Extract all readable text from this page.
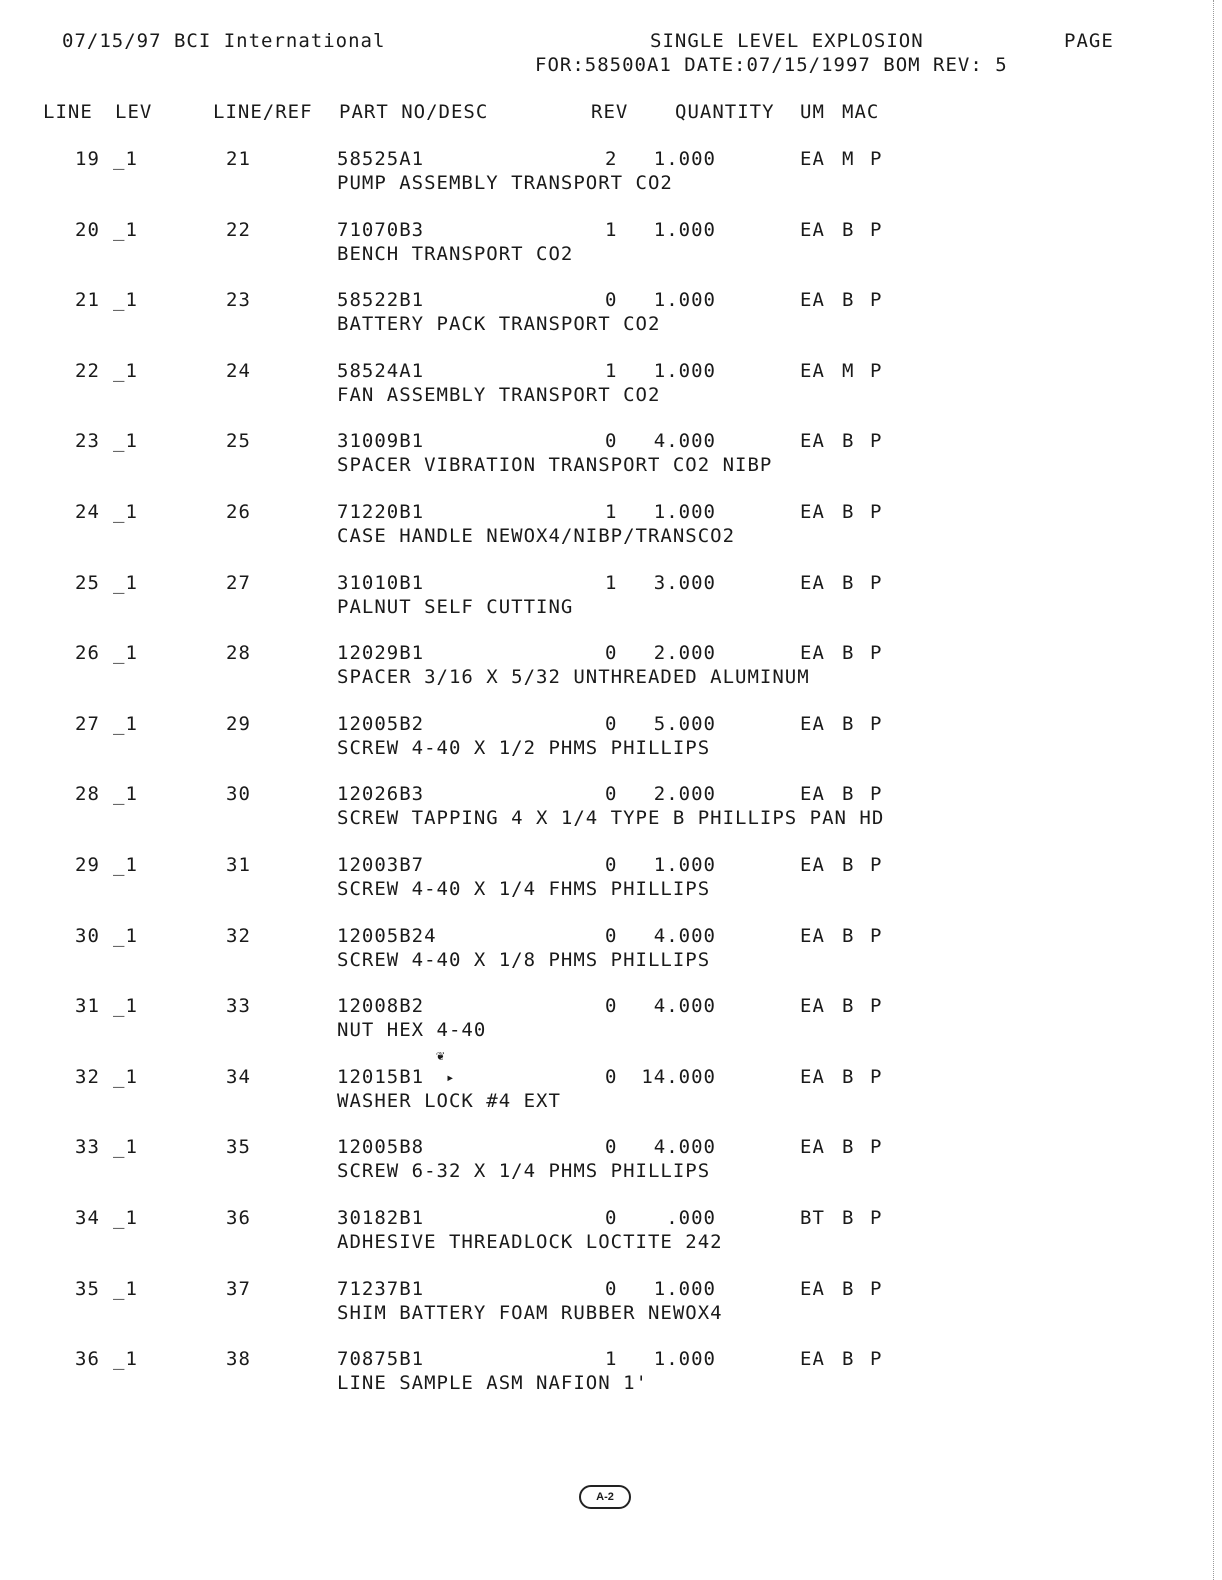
07/15/97 BCI International	SINGLE LEVEL EXPLOSION	PAGE
FOR:58500A1 DATE:07/15/1997 BOM REV: 5
LINE LEV	LINE/REF PART NO/DESC	REV QUANTITY UM MAC
19 _1	21	58525A1	2 1.000	EA M P
PUMP ASSEMBLY TRANSPORT CO2
20 _1	22	71070B3	1 1.000	EA B P
BENCH TRANSPORT CO2
21 _1	23	58522B1	0 1.000	EA B P
BATTERY PACK TRANSPORT CO2
22 _1	24	58524A1	1 1.000	EA M P
FAN ASSEMBLY TRANSPORT CO2
23 _1	25	31009B1	0 4.000	EA B P
SPACER VIBRATION TRANSPORT CO2 NIBP
24 _1	26	71220B1	1 1.000	EA B P
CASE HANDLE NEWOX4/NIBP/TRANSCO2
25 _1	27	31010B1	1 3.000	EA B P
PALNUT SELF CUTTING
26 _1	28	12029B1	0 2.000	EA B P
SPACER 3/16 X 5/32 UNTHREADED ALUMINUM
27 _1	29	12005B2	0 5.000	EA B P
SCREW 4-40 X 1/2 PHMS PHILLIPS
28 _1	30	12026B3	0 2.000	EA B P
SCREW TAPPING 4 X 1/4 TYPE B PHILLIPS PAN HD
29 _1	31	12003B7	0 1.000	EA B P
SCREW 4-40 X 1/4 FHMS PHILLIPS
30 _1	32	12005B24	0 4.000	EA B P
SCREW 4-40 X 1/8 PHMS PHILLIPS
31 _1	33	12008B2	0 4.000	EA B P
NUT HEX 4-40
32 _1	34	12015B1	0 14.000	EA B P
WASHER LOCK #4 EXT
33 _1	35	12005B8	0 4.000	EA B P
SCREW 6-32 X 1/4 PHMS PHILLIPS
34 _1	36	30182B1	0	.000	BT B P
ADHESIVE THREADLOCK LOCTITE 242
35 _1	37	71237B1	0 1.000	EA B P
SHIM BATTERY FOAM RUBBER NEWOX4
36 _1	38	70875B1	1 1.000	EA B P
LINE SAMPLE ASM NAFION 1'
❦
▸
A-2
